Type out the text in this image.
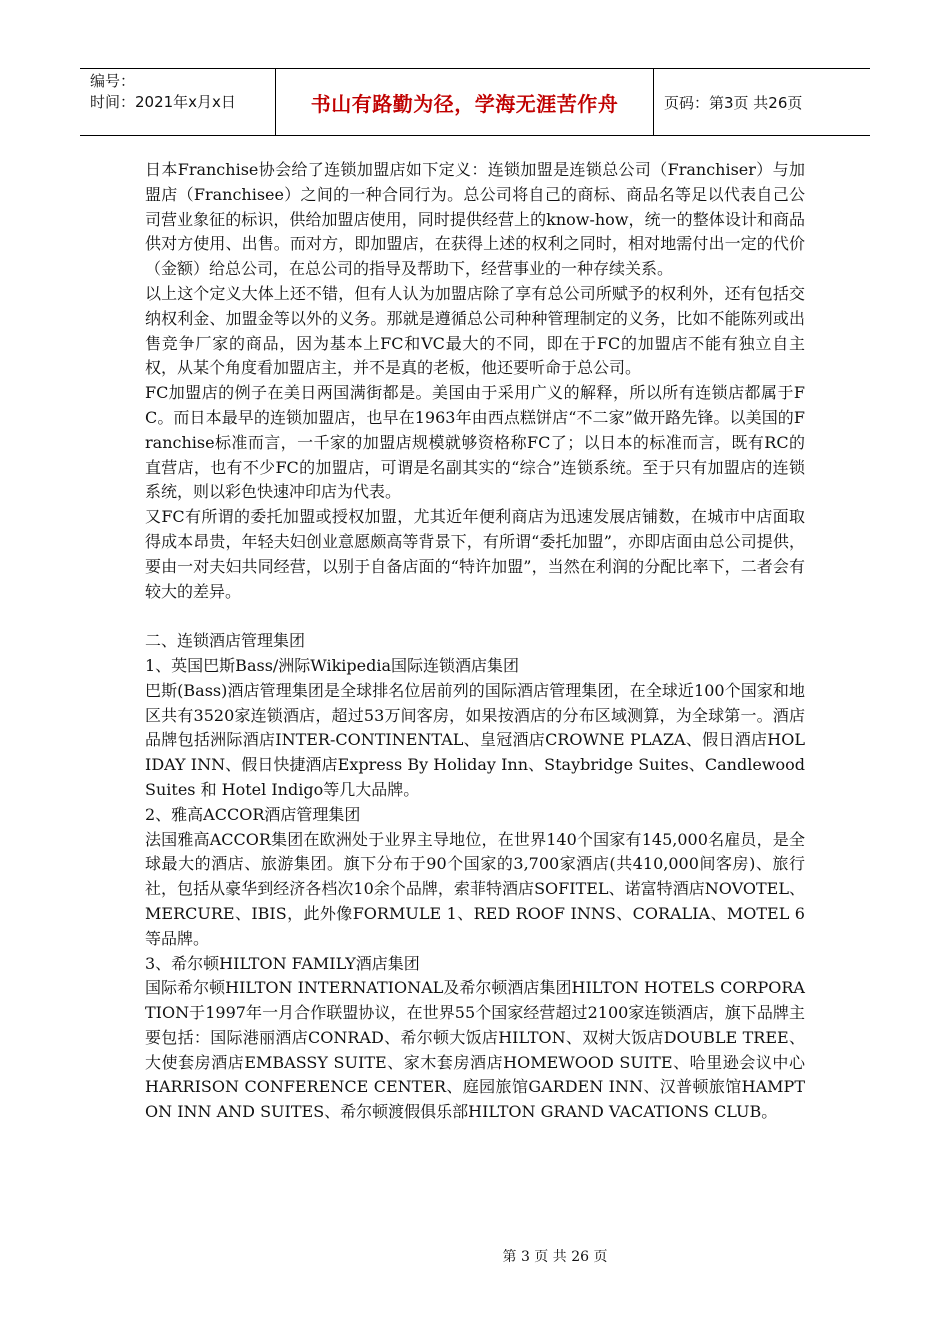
编号：
时间：2021年x月x日	书山有路勤为径，学海无涯苦作舟	页码：第3页 共26页

日本Franchise协会给了连锁加盟店如下定义：连锁加盟是连锁总公司（Franchiser）与加盟店（Franchisee）之间的一种合同行为。总公司将自己的商标、商品名等足以代表自己公司营业象征的标识，供给加盟店使用，同时提供经营上的know-how，统一的整体设计和商品供对方使用、出售。而对方，即加盟店，在获得上述的权利之同时，相对地需付出一定的代价（金额）给总公司，在总公司的指导及帮助下，经营事业的一种存续关系。

以上这个定义大体上还不错，但有人认为加盟店除了享有总公司所赋予的权利外，还有包括交纳权利金、加盟金等以外的义务。那就是遵循总公司种种管理制定的义务，比如不能陈列或出售竞争厂家的商品，因为基本上FC和VC最大的不同，即在于FC的加盟店不能有独立自主权，从某个角度看加盟店主，并不是真的老板，他还要听命于总公司。

FC加盟店的例子在美日两国满街都是。美国由于采用广义的解释，所以所有连锁店都属于FC。而日本最早的连锁加盟店，也早在1963年由西点糕饼店“不二家”做开路先锋。以美国的Franchise标准而言，一千家的加盟店规模就够资格称FC了；以日本的标准而言，既有RC的直营店，也有不少FC的加盟店，可谓是名副其实的“综合”连锁系统。至于只有加盟店的连锁系统，则以彩色快速冲印店为代表。

又FC有所谓的委托加盟或授权加盟，尤其近年便利商店为迅速发展店铺数，在城市中店面取得成本昂贵，年轻夫妇创业意愿颇高等背景下，有所谓“委托加盟”，亦即店面由总公司提供，要由一对夫妇共同经营，以别于自备店面的“特许加盟”，当然在利润的分配比率下，二者会有较大的差异。

二、连锁酒店管理集团

1、英国巴斯Bass/洲际Wikipedia国际连锁酒店集团

巴斯(Bass)酒店管理集团是全球排名位居前列的国际酒店管理集团，在全球近100个国家和地区共有3520家连锁酒店，超过53万间客房，如果按酒店的分布区域测算，为全球第一。酒店品牌包括洲际酒店INTER-CONTINENTAL、皇冠酒店CROWNE PLAZA、假日酒店HOLIDAY INN、假日快捷酒店Express By Holiday Inn、Staybridge Suites、Candlewood Suites 和 Hotel Indigo等几大品牌。

2、雅高ACCOR酒店管理集团

法国雅高ACCOR集团在欧洲处于业界主导地位，在世界140个国家有145,000名雇员，是全球最大的酒店、旅游集团。旗下分布于90个国家的3,700家酒店(共410,000间客房)、旅行社，包括从豪华到经济各档次10余个品牌，索菲特酒店SOFITEL、诺富特酒店NOVOTEL、MERCURE、IBIS，此外像FORMULE 1、RED ROOF INNS、CORALIA、MOTEL 6等品牌。

3、希尔顿HILTON FAMILY酒店集团

国际希尔顿HILTON INTERNATIONAL及希尔顿酒店集团HILTON HOTELS CORPORATION于1997年一月合作联盟协议，在世界55个国家经营超过2100家连锁酒店，旗下品牌主要包括：国际港丽酒店CONRAD、希尔顿大饭店HILTON、双树大饭店DOUBLE TREE、大使套房酒店EMBASSY SUITE、家木套房酒店HOMEWOOD SUITE、哈里逊会议中心HARRISON CONFERENCE CENTER、庭园旅馆GARDEN INN、汉普顿旅馆HAMPTON INN AND SUITES、希尔顿渡假俱乐部HILTON GRAND VACATIONS CLUB。

第 3 页 共 26 页
